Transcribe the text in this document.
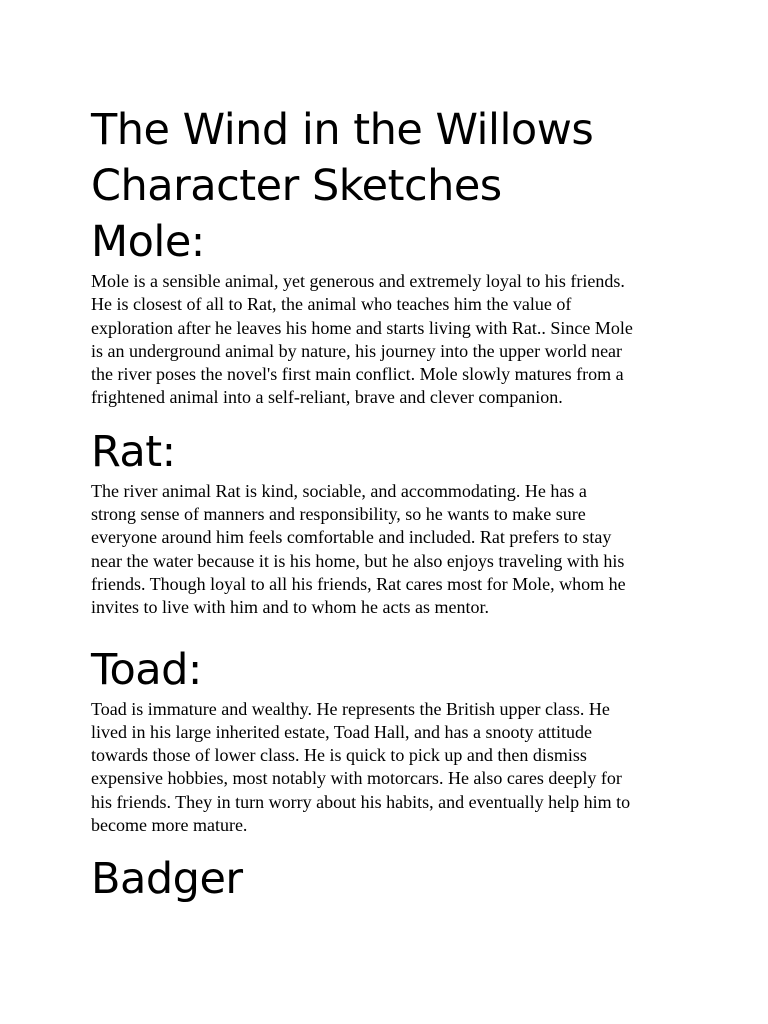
The Wind in the Willows
Character Sketches
Mole:

Mole is a sensible animal, yet generous and extremely loyal to his friends.
He is closest of all to Rat, the animal who teaches him the value of
exploration after he leaves his home and starts living with Rat.. Since Mole
is an underground animal by nature, his journey into the upper world near
the river poses the novel's first main conflict. Mole slowly matures from a
frightened animal into a self-reliant, brave and clever companion.

Rat:

The river animal Rat is kind, sociable, and accommodating. He has a
strong sense of manners and responsibility, so he wants to make sure
everyone around him feels comfortable and included. Rat prefers to stay
near the water because it is his home, but he also enjoys traveling with his
friends. Though loyal to all his friends, Rat cares most for Mole, whom he
invites to live with him and to whom he acts as mentor.

Toad:

Toad is immature and wealthy. He represents the British upper class. He
lived in his large inherited estate, Toad Hall, and has a snooty attitude
towards those of lower class. He is quick to pick up and then dismiss
expensive hobbies, most notably with motorcars. He also cares deeply for
his friends. They in turn worry about his habits, and eventually help him to
become more mature.

Badger
